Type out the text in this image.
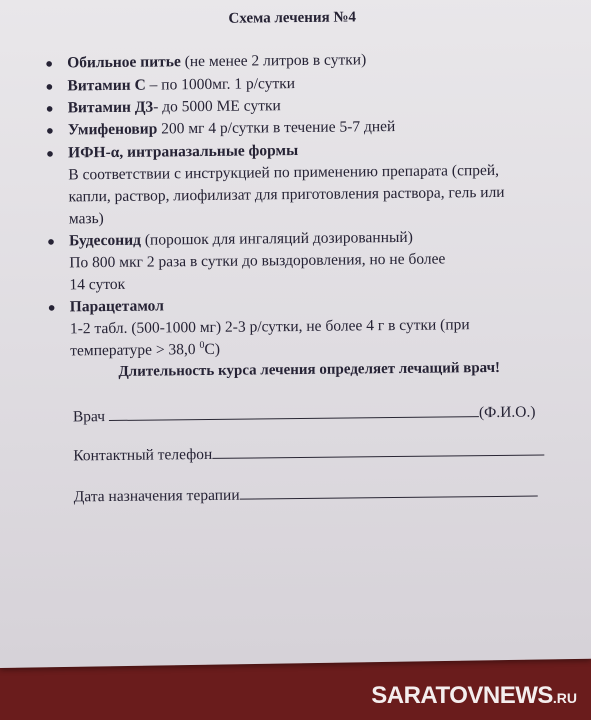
Схема лечения №4
● Обильное питье (не менее 2 литров в сутки)
● Витамин С – по 1000мг. 1 р/сутки
● Витамин Д3- до 5000 МЕ сутки
● Умифеновир 200 мг 4 р/сутки в течение 5-7 дней
● ИФН-α, интраназальные формы
В соответствии с инструкцией по применению препарата (спрей,
капли, раствор, лиофилизат для приготовления раствора, гель или
мазь)
● Будесонид (порошок для ингаляций дозированный)
По 800 мкг 2 раза в сутки до выздоровления, но не более
14 суток
● Парацетамол
1-2 табл. (500-1000 мг) 2-3 р/сутки, не более 4 г в сутки (при
температуре > 38,0 $^0$С)
Длительность курса лечения определяет лечащий врач!
Врач	(Ф.И.О.)
Контактный телефон
Дата назначения терапии
SARATOVNEWS.RU
